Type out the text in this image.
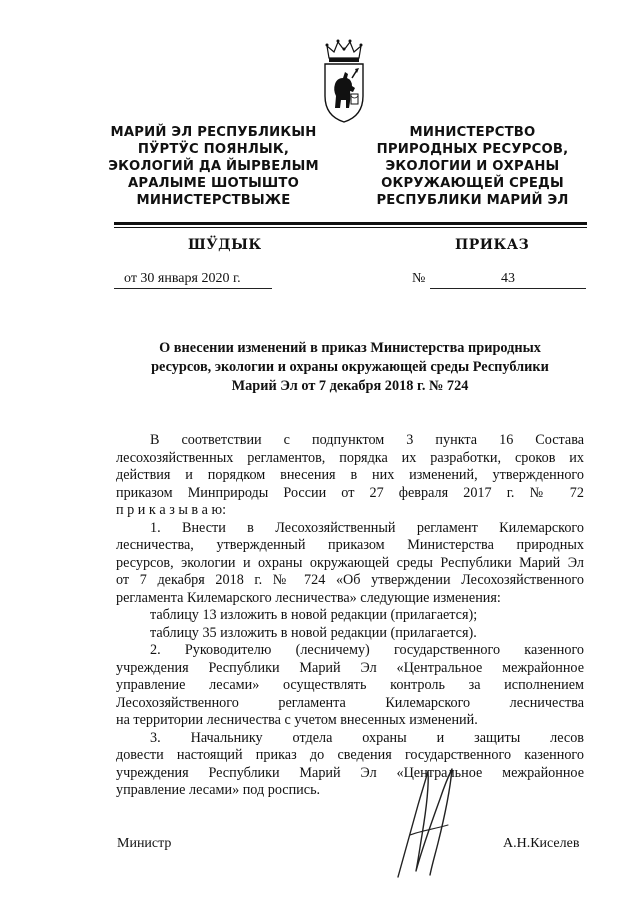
МАРИЙ ЭЛ РЕСПУБЛИКЫН
ПӰРТӰС ПОЯНЛЫК,
ЭКОЛОГИЙ ДА ЙЫРВЕЛЫМ
АРАЛЫМЕ ШОТЫШТО
МИНИСТЕРСТВЫЖЕ
МИНИСТЕРСТВО
ПРИРОДНЫХ РЕСУРСОВ,
ЭКОЛОГИИ И ОХРАНЫ
ОКРУЖАЮЩЕЙ СРЕДЫ
РЕСПУБЛИКИ МАРИЙ ЭЛ
ШӰДЫК	ПРИКАЗ
от 30 января 2020 г.	№	43
О внесении изменений в приказ Министерства природных
ресурсов, экологии и охраны окружающей среды Республики
Марий Эл от 7 декабря 2018 г. № 724
В соответствии с подпунктом 3 пункта 16 Состава
лесохозяйственных регламентов, порядка их разработки, сроков их
действия и порядком внесения в них изменений, утвержденного
приказом Минприроды России от 27 февраля 2017 г. № 72
п р и к а з ы в а ю:
1. Внести в Лесохозяйственный регламент Килемарского
лесничества, утвержденный приказом Министерства природных
ресурсов, экологии и охраны окружающей среды Республики Марий Эл
от 7 декабря 2018 г. № 724 «Об утверждении Лесохозяйственного
регламента Килемарского лесничества» следующие изменения:
таблицу 13 изложить в новой редакции (прилагается);
таблицу 35 изложить в новой редакции (прилагается).
2. Руководителю (лесничему) государственного казенного
учреждения Республики Марий Эл «Центральное межрайонное
управление лесами» осуществлять контроль за исполнением
Лесохозяйственного регламента Килемарского лесничества
на территории лесничества с учетом внесенных изменений.
3. Начальнику отдела охраны и защиты лесов
довести настоящий приказ до сведения государственного казенного
учреждения Республики Марий Эл «Центральное межрайонное
управление лесами» под роспись.
Министр	А.Н.Киселев
